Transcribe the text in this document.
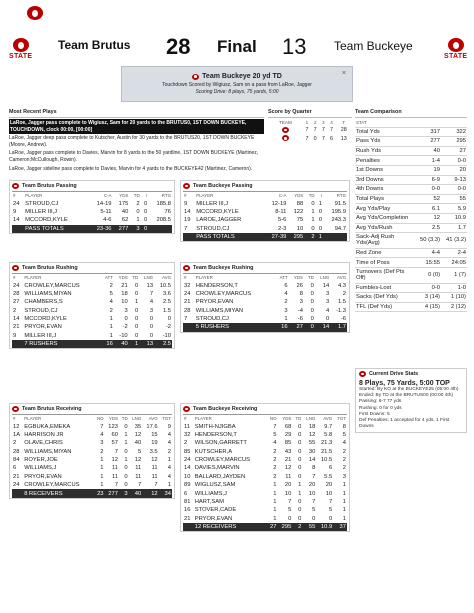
STATE	STATE
Team Brutus 28 Final 13 Team Buckeye
Team Buckeye 20 yd TD
Touchdown Scored by Wigiusz, Sam on a pass from LaRoe, Jagger
Scoring Drive: 8 plays, 75 yards, 5:00
×
Most Recent Plays
LaRoe, Jagger pass complete to Wigiusz, Sam for 20 yards to the BRUTUS0, 1ST DOWN BUCKEYE, TOUCHDOWN, clock 00:00, [00:00]
LaRoe, Jagger deep pass complete to Kutscher, Austin for 30 yards to the BRUTUS20, 1ST DOWN BUCKEYE (Moore, Andrew).
LaRoe, Jagger pass complete to Davies, Marvin for 8 yards to the 50 yardline, 1ST DOWN BUCKEYE (Martinez, Cameron;McCullough, Rowin).
LaRoe, Jagger sideline pass complete to Davies, Marvin for 4 yards to the BUCKEYE42 (Martinez, Cameron).
Score by Quarter
TEAM	1	2	3	4	T
	7	7	7	7	28
	7	0	7	6	13
Team Comparison
STAT		
Total Yds	317	322
Pass Yds	277	295
Rush Yds	40	27
Penalties	1-4	0-0
1st Downs	19	20
3rd Downs	6-9	9-13
4th Downs	0-0	0-0
Total Plays	52	55
Avg Yds/Play	6.1	5.9
Avg Yds/Completion	12	10.9
Avg Yds/Rush	2.5	1.7
Sack-Adj Rush Yds(Avg)	50 (3.3)	41 (3.2)
Red Zone	4-4	2-4
Time of Poss	15:55	24:05
Turnovers (Def Pts Off)	0 (0)	1 (7)
Fumbles-Lost	0-0	1-0
Sacks (Def Yds)	3 (14)	1 (10)
TFL (Def Yds)	4 (15)	2 (12)
Current Drive Stats
8 Plays, 75 Yards, 5:00 TOP
Started: By KO at the BUCKEYE25 (05:00 4th)
Ended: By TD at the BRUTUS00 (00:00 4th)
Passing: 6-7 77 yds
Rushing: 0 for 0 yds
First Downs: 5
Def Penalties: 1 accepted for 4 yds, 1 First Downs
Team Brutus Passing
#	PLAYER	C-A	YDS	TD	I	RTG
24	STROUD,CJ	14-19	175	2	0	185.8
9	MILLER III,J	5-11	40	0	0	76
14	MCCORD,KYLE	4-6	62	1	0	208.5
	PASS TOTALS	23-36	277	3	0	
Team Buckeye Passing
#	PLAYER	C-A	YDS	TD	I	RTG
9	MILLER III,J	12-19	88	0	1	91.5
14	MCCORD,KYLE	8-11	122	1	0	195.9
19	LAROE,JAGGER	5-6	75	1	0	243.3
7	STROUD,CJ	2-3	10	0	0	94.7
	PASS TOTALS	27-39	295	2	1	
Team Brutus Rushing
#	PLAYER	ATT	YDS	TD	LNG	AVG
24	CROWLEY,MARCUS	2	21	0	13	10.5
28	WILLIAMS,MIYAN	5	18	0	7	3.6
27	CHAMBERS,S	4	10	1	4	2.5
2	STROUD,CJ	2	3	0	3	1.5
14	MCCORD,KYLE	1	0	0	0	0
21	PRYOR,EVAN	1	-2	0	0	-2
9	MILLER III,J	1	-10	0	0	-10
	7 RUSHERS	16	40	1	13	2.5
Team Buckeye Rushing
#	PLAYER	ATT	YDS	TD	LNG	AVG
32	HENDERSON,T	6	26	0	14	4.3
24	CROWLEY,MARCUS	4	8	0	3	2
21	PRYOR,EVAN	2	3	0	3	1.5
28	WILLIAMS,MIYAN	3	-4	0	4	-1.3
7	STROUD,CJ	1	-6	0	0	-6
	5 RUSHERS	16	27	0	14	1.7
Team Brutus Receiving
#	PLAYER	NO	YDS	TD	LNG	AVG	TGT
12	EGBUKA,EMEKA	7	123	0	35	17.6	9
1A	HARRISON JR	4	60	1	12	15	4
2	OLAVE,CHRIS	3	57	1	40	19	4
28	WILLIAMS,MIYAN	2	7	0	5	3.5	2
84	ROYER,JOE	1	12	1	12	12	1
6	WILLIAMS,J	1	11	0	11	11	4
21	PRYOR,EVAN	1	11	0	11	11	4
24	CROWLEY,MARCUS	1	7	0	7	7	1
	8 RECEIVERS	23	277	3	40	12	34
Team Buckeye Receiving
#	PLAYER	NO	YDS	TD	LNG	AVG	TGT
11	SMITH-NJIGBA	7	68	0	18	9.7	8
32	HENDERSON,T	5	29	0	12	5.8	5
2	WILSON,GARRETT	4	85	0	55	21.3	4
85	KUTSCHER,A	2	43	0	30	21.5	2
24	CROWLEY,MARCUS	2	21	0	14	10.5	2
14	DAVIES,MARVIN	2	12	0	8	6	2
10	BALLARD,JAYDEN	2	11	0	7	5.5	3
89	WIGLUSZ,SAM	1	20	1	20	20	1
6	WILLIAMS,J	1	10	1	10	10	1
81	HART,SAM	1	7	0	7	7	1
16	STOVER,CADE	1	5	0	5	5	1
21	PRYOR,EVAN	1	0	0	0	0	1
	12 RECEIVERS	27	295	2	55	10.9	37
